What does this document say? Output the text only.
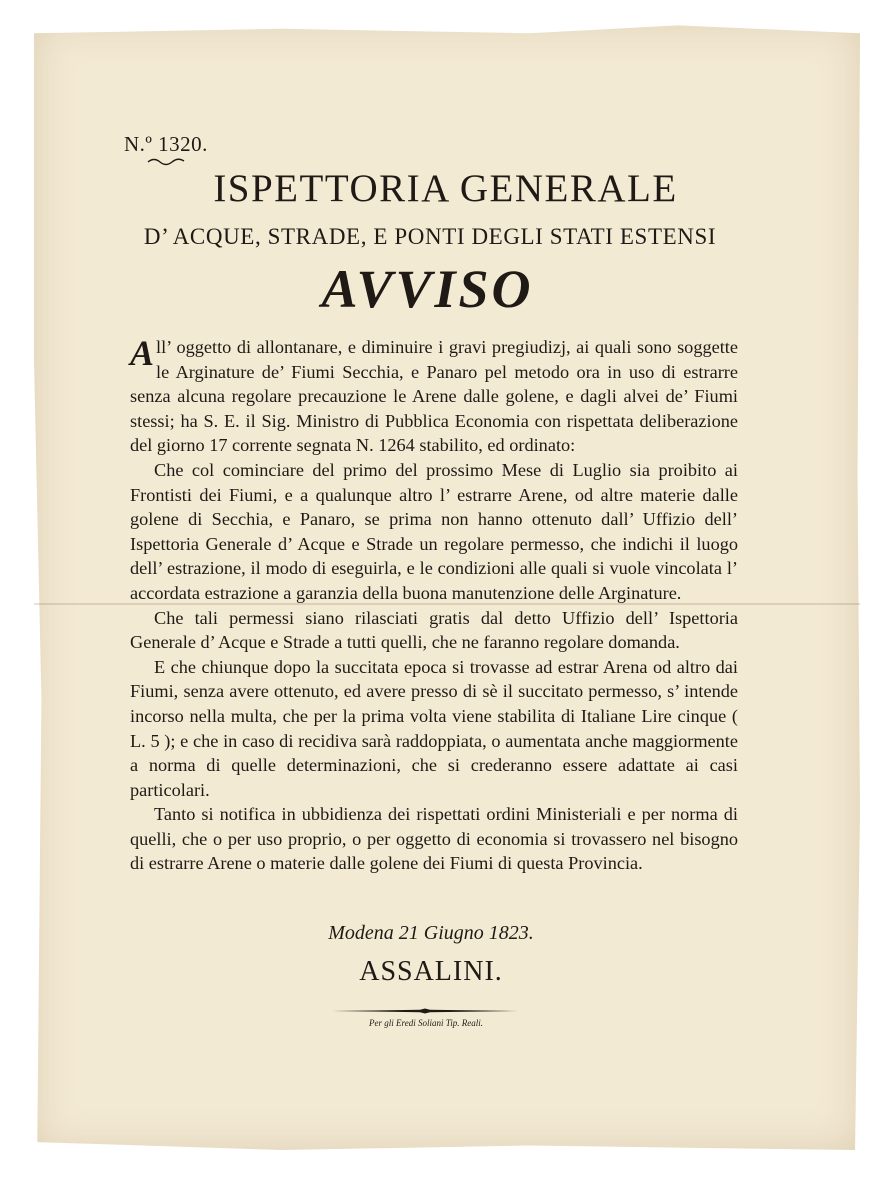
N.º 1320.
ISPETTORIA GENERALE
D’ ACQUE, STRADE, E PONTI DEGLI STATI ESTENSI
AVVISO

All’ oggetto di allontanare, e diminuire i gravi pregiudizj, ai quali sono soggette le Arginature de’ Fiumi Secchia, e Panaro pel metodo ora in uso di estrarre senza alcuna regolare precauzione le Arene dalle golene, e dagli alvei de’ Fiumi stessi; ha S. E. il Sig. Ministro di Pubblica Economia con rispettata deliberazione del giorno 17 corrente segnata N. 1264 stabilito, ed ordinato:

Che col cominciare del primo del prossimo Mese di Luglio sia proibito ai Frontisti dei Fiumi, e a qualunque altro l’ estrarre Arene, od altre materie dalle golene di Secchia, e Panaro, se prima non hanno ottenuto dall’ Uffizio dell’ Ispettoria Generale d’ Acque e Strade un regolare permesso, che indichi il luogo dell’ estrazione, il modo di eseguirla, e le condizioni alle quali si vuole vincolata l’ accordata estrazione a garanzia della buona manutenzione delle Arginature.

Che tali permessi siano rilasciati gratis dal detto Uffizio dell’ Ispettoria Generale d’ Acque e Strade a tutti quelli, che ne faranno regolare domanda.

E che chiunque dopo la succitata epoca si trovasse ad estrar Arena od altro dai Fiumi, senza avere ottenuto, ed avere presso di sè il succitato permesso, s’ intende incorso nella multa, che per la prima volta viene stabilita di Italiane Lire cinque ( L. 5 ); e che in caso di recidiva sarà raddoppiata, o aumentata anche maggiormente a norma di quelle determinazioni, che si crederanno essere adattate ai casi particolari.

Tanto si notifica in ubbidienza dei rispettati ordini Ministeriali e per norma di quelli, che o per uso proprio, o per oggetto di economia si trovassero nel bisogno di estrarre Arene o materie dalle golene dei Fiumi di questa Provincia.

Modena 21 Giugno 1823.
ASSALINI.
Per gli Eredi Soliani Tip. Reali.
